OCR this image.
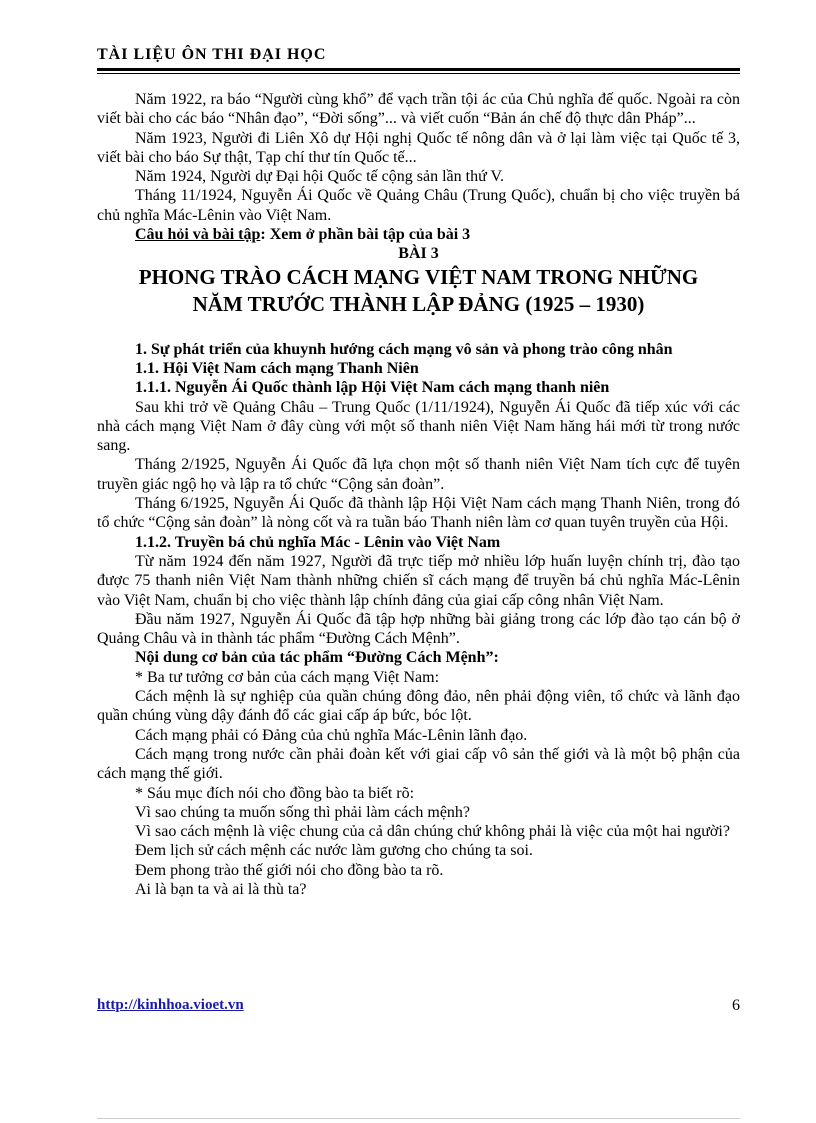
TÀI LIỆU ÔN THI ĐẠI HỌC

Năm 1922, ra báo “Người cùng khổ” để vạch trần tội ác của Chủ nghĩa đế quốc. Ngoài ra còn viết bài cho các báo “Nhân đạo”, “Đời sống”... và viết cuốn “Bản án chế độ thực dân Pháp”...

Năm 1923, Người đi Liên Xô dự Hội nghị Quốc tế nông dân và ở lại làm việc tại Quốc tế 3, viết bài cho báo Sự thật, Tạp chí thư tín Quốc tế...

Năm 1924, Người dự Đại hội Quốc tế cộng sản lần thứ V.

Tháng 11/1924, Nguyễn Ái Quốc về Quảng Châu (Trung Quốc), chuẩn bị cho việc truyền bá chủ nghĩa Mác-Lênin vào Việt Nam.

Câu hỏi và bài tập: Xem ở phần bài tập của bài 3

BÀI 3

PHONG TRÀO CÁCH MẠNG VIỆT NAM TRONG NHỮNG

NĂM TRƯỚC THÀNH LẬP ĐẢNG (1925 – 1930)

1. Sự phát triển của khuynh hướng cách mạng vô sản và phong trào công nhân

1.1. Hội Việt Nam cách mạng Thanh Niên

1.1.1. Nguyễn Ái Quốc thành lập Hội Việt Nam cách mạng thanh niên

Sau khi trở về Quảng Châu – Trung Quốc (1/11/1924), Nguyễn Ái Quốc đã tiếp xúc với các nhà cách mạng Việt Nam ở đây cùng với một số thanh niên Việt Nam hăng hái mới từ trong nước sang.

Tháng 2/1925, Nguyễn Ái Quốc đã lựa chọn một số thanh niên Việt Nam tích cực để tuyên truyền giác ngộ họ và lập ra tổ chức “Cộng sản đoàn”.

Tháng 6/1925, Nguyễn Ái Quốc đã thành lập Hội Việt Nam cách mạng Thanh Niên, trong đó tổ chức “Cộng sản đoàn” là nòng cốt và ra tuần báo Thanh niên làm cơ quan tuyên truyền của Hội.

1.1.2. Truyền bá chủ nghĩa Mác - Lênin vào Việt Nam

Từ năm 1924 đến năm 1927, Người đã trực tiếp mở nhiều lớp huấn luyện chính trị, đào tạo được 75 thanh niên Việt Nam thành những chiến sĩ cách mạng để truyền bá chủ nghĩa Mác-Lênin vào Việt Nam, chuẩn bị cho việc thành lập chính đảng của giai cấp công nhân Việt Nam.

Đầu năm 1927, Nguyễn Ái Quốc đã tập hợp những bài giảng trong các lớp đào tạo cán bộ ở Quảng Châu và in thành tác phẩm “Đường Cách Mệnh”.

Nội dung cơ bản của tác phẩm “Đường Cách Mệnh”:

* Ba tư tưởng cơ bản của cách mạng Việt Nam:

Cách mệnh là sự nghiệp của quần chúng đông đảo, nên phải động viên, tổ chức và lãnh đạo quần chúng vùng dậy đánh đổ các giai cấp áp bức, bóc lột.

Cách mạng phải có Đảng của chủ nghĩa Mác-Lênin lãnh đạo.

Cách mạng trong nước cần phải đoàn kết với giai cấp vô sản thế giới và là một bộ phận của cách mạng thế giới.

* Sáu mục đích nói cho đồng bào ta biết rõ:

Vì sao chúng ta muốn sống thì phải làm cách mệnh?

Vì sao cách mệnh là việc chung của cả dân chúng chứ không phải là việc của một hai người?

Đem lịch sử cách mệnh các nước làm gương cho chúng ta soi.

Đem phong trào thế giới nói cho đồng bào ta rõ.

Ai là bạn ta và ai là thù ta?

http://kinhhoa.vioet.vn	6
